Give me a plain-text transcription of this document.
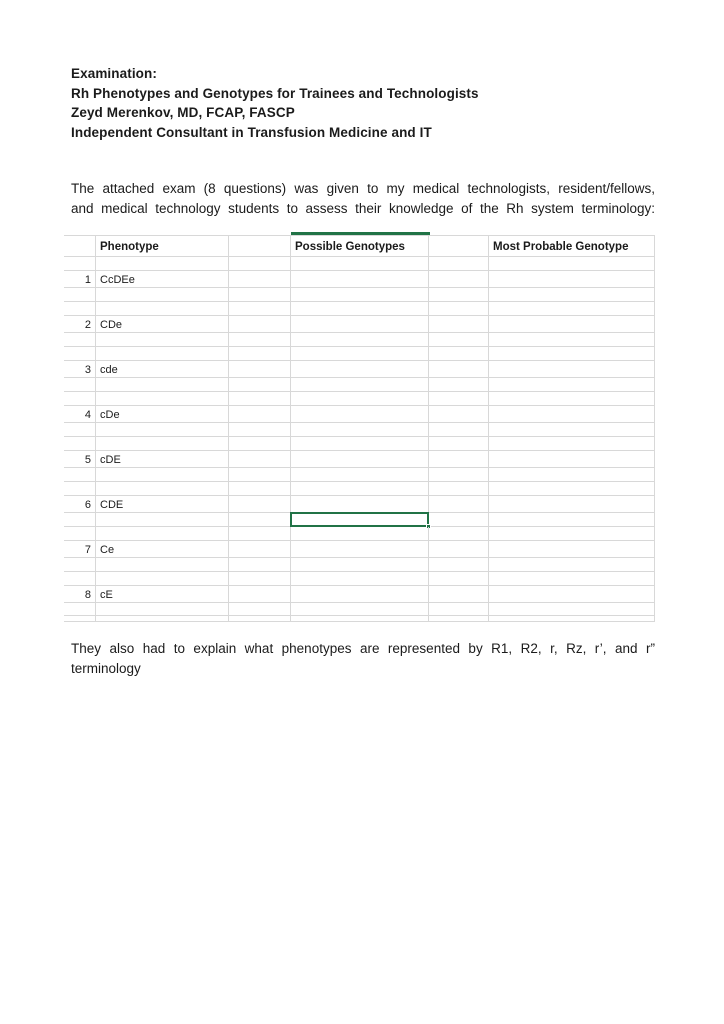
Examination:
Rh Phenotypes and Genotypes for Trainees and Technologists
Zeyd Merenkov, MD, FCAP, FASCP
Independent Consultant in Transfusion Medicine and IT

The attached exam (8 questions) was given to my medical technologists, resident/fellows,
and medical technology students to assess their knowledge of the Rh system terminology:

Phenotype	Possible Genotypes	Most Probable Genotype
1 CcDEe
2 CDe
3 cde
4 cDe
5 cDE
6 CDE
7 Ce
8 cE

They also had to explain what phenotypes are represented by R1, R2, r, Rz, r’, and r”
terminology
